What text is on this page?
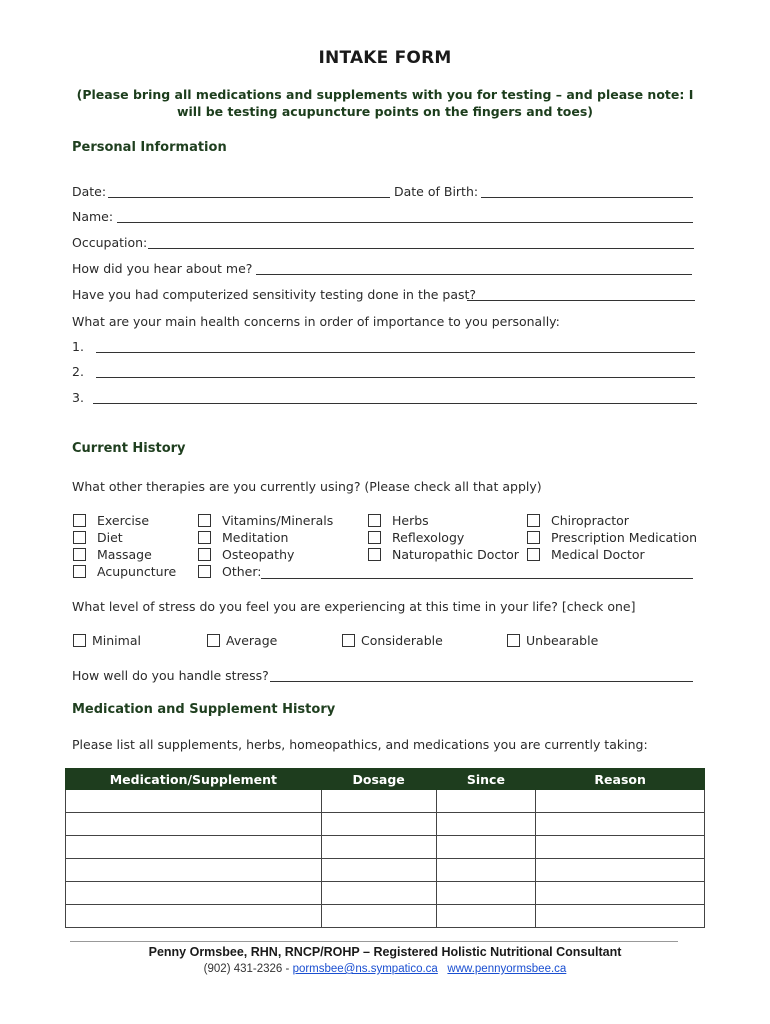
INTAKE FORM
(Please bring all medications and supplements with you for testing – and please note: I
will be testing acupuncture points on the fingers and toes)
Personal Information
Date:	Date of Birth:
Name:
Occupation:
How did you hear about me?
Have you had computerized sensitivity testing done in the past?
What are your main health concerns in order of importance to you personally:
1.
2.
3.
Current History
What other therapies are you currently using? (Please check all that apply)
Exercise
Diet
Massage
Acupuncture
Vitamins/Minerals
Meditation
Osteopathy
Other:
Herbs
Reflexology
Naturopathic Doctor
Chiropractor
Prescription Medication
Medical Doctor
What level of stress do you feel you are experiencing at this time in your life? [check one]
Minimal	Average	Considerable	Unbearable
How well do you handle stress?
Medication and Supplement History
Please list all supplements, herbs, homeopathics, and medications you are currently taking:
Medication/Supplement	Dosage	Since	Reason

Penny Ormsbee, RHN, RNCP/ROHP – Registered Holistic Nutritional Consultant
(902) 431-2326 - pormsbee@ns.sympatico.ca www.pennyormsbee.ca
